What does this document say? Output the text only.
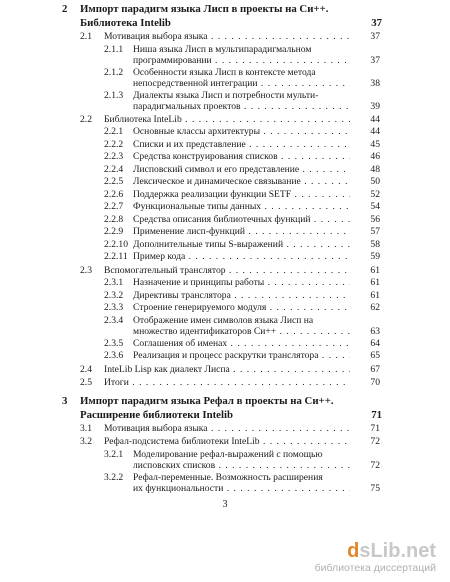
2 Импорт парадигм языка Лисп в проекты на Си++.
Библиотека Intelib	37
2.1 Мотивация выбора языка . . .	37
2.1.1 Ниша языка Лисп в мультипарадигмальном
программировании . . .	37
2.1.2 Особенности языка Лисп в контексте метода
непосредственной интеграции . . .	38
2.1.3 Диалекты языка Лисп и потребности мульти-
парадигмальных проектов . . .	39
2.2 Библиотека InteLib . . .	44
2.2.1 Основные классы архитектуры . . .	44
2.2.2 Списки и их представление . . .	45
2.2.3 Средства конструирования списков . . .	46
2.2.4 Лисповский символ и его представление . . .	48
2.2.5 Лексическое и динамическое связывание . . .	50
2.2.6 Поддержка реализации функции SETF . . .	52
2.2.7 Функциональные типы данных . . .	54
2.2.8 Средства описания библиотечных функций . . .	56
2.2.9 Применение лисп-функций . . .	57
2.2.10 Дополнительные типы S-выражений . . .	58
2.2.11 Пример кода . . .	59
2.3 Вспомогательный транслятор . . .	61
2.3.1 Назначение и принципы работы . . .	61
2.3.2 Директивы транслятора . . .	61
2.3.3 Строение генерируемого модуля . . .	62
2.3.4 Отображение имен символов языка Лисп на
множество идентификаторов Си++ . . .	63
2.3.5 Соглашения об именах . . .	64
2.3.6 Реализация и процесс раскрутки транслятора . . .	65
2.4 InteLib Lisp как диалект Лиспа . . .	67
2.5 Итоги . . .	70
3 Импорт парадигм языка Рефал в проекты на Си++.
Расширение библиотеки Intelib	71
3.1 Мотивация выбора языка . . .	71
3.2 Рефал-подсистема библиотеки InteLib . . .	72
3.2.1 Моделирование рефал-выражений с помощью
лисповских списков . . .	72
3.2.2 Рефал-переменные. Возможность расширения
их функциональности . . .	75
3
dsLib.net
библиотека диссертаций
